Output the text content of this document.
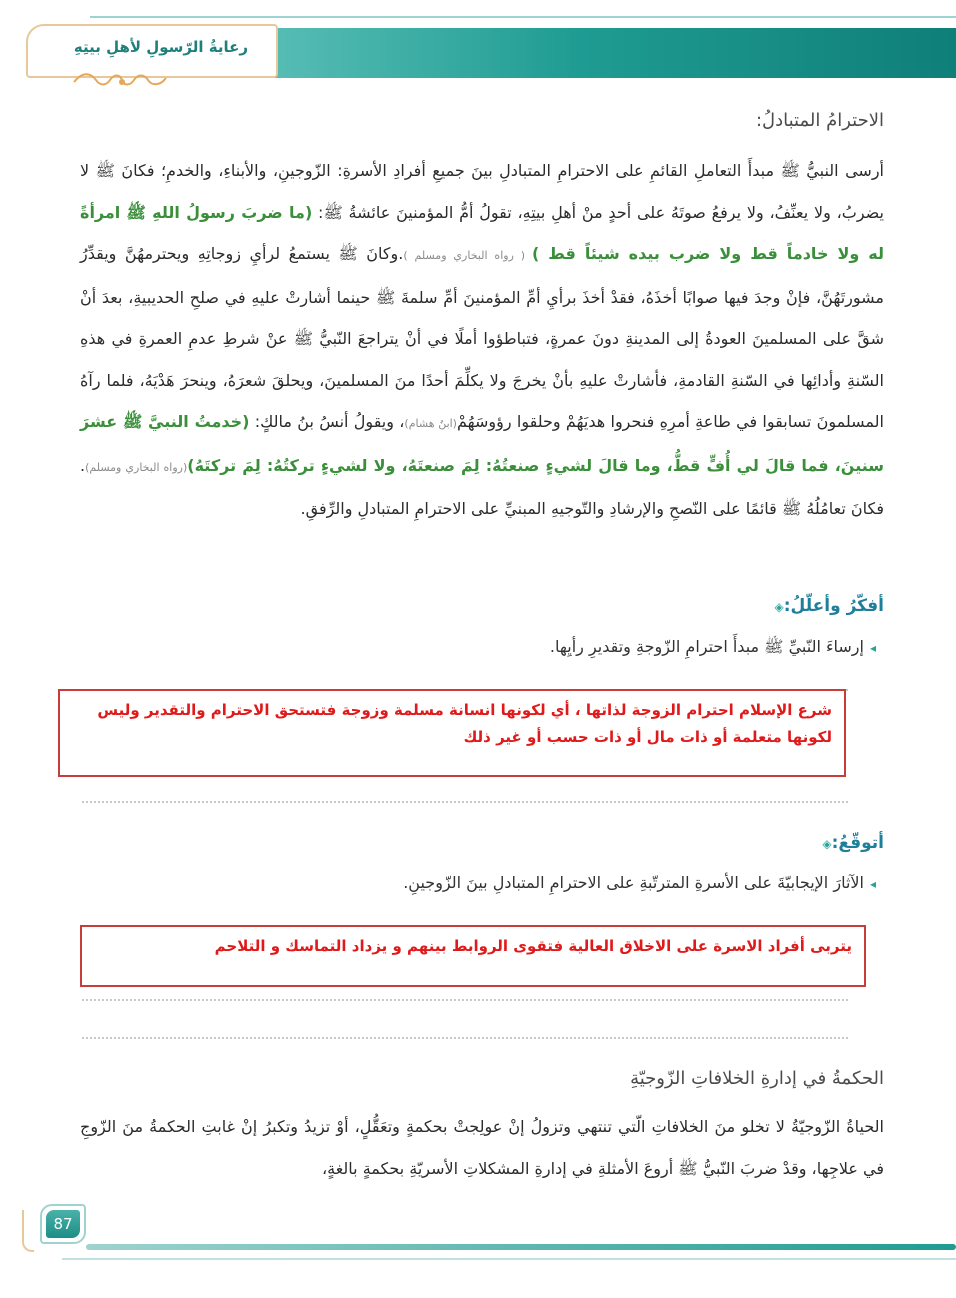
رعايةُ الرّسولِ لأهلِ بيتِهِ
الاحترامُ المتبادلُ:
أرسى النبيُّ ﷺ مبدأَ التعاملِ القائمِ على الاحترامِ المتبادلِ بينَ جميعِ أفرادِ الأسرةِ: الزّوجينِ، والأبناءِ، والخدمِ؛ فكانَ ﷺ لا يضربُ، ولا يعنِّفُ، ولا يرفعُ صوتَهُ على أحدٍ منْ أهلِ بيتِهِ، تقولُ أمُّ المؤمنينَ عائشةُ ﷺ: (ما ضربَ رسولُ اللهِ ﷺ امرأةً له ولا خادماً قط ولا ضرب بيده شيئاً قط ) ( رواه البخاري ومسلم ).وكانَ ﷺ يستمعُ لرأيِ زوجاتِهِ ويحترمهُنَّ ويقدِّرُ مشورتَهُنَّ، فإنْ وجدَ فيها صوابًا أخذَهُ، فقدْ أخذَ برأيِ أمِّ المؤمنينَ أمِّ سلمةَ ﷺ حينما أشارتْ عليهِ في صلحِ الحديبيةِ، بعدَ أنْ شقَّ على المسلمينَ العودةُ إلى المدينةِ دونَ عمرةٍ، فتباطؤوا أملًا في أنْ يتراجعَ النّبيُّ ﷺ عنْ شرطِ عدمِ العمرةِ في هذهِ السّنةِ وأدائِها في السّنةِ القادمةِ، فأشارتْ عليهِ بأنْ يخرجَ ولا يكلِّمَ أحدًا منَ المسلمينَ، ويحلقَ شعرَهُ، وينحرَ هَدْيَهُ، فلما رآهُ المسلمونَ تسابقوا في طاعةِ أمرِهِ فنحروا هديَهُمْ وحلقوا رؤوسَهُمْ(ابنُ هشام)، ويقولُ أنسُ بنُ مالكٍ: (خدمتُ النبيَّ ﷺ عشرَ سنينَ، فما قالَ لي أُفٍّ قطُّ، وما قالَ لشيءٍ صنعتُهُ: لِمَ صنعتَهُ، ولا لشيءٍ تركتُهُ: لِمَ تركتَهُ)(رواه البخاري ومسلم). فكانَ تعامُلُهُ ﷺ قائمًا على النّصحِ والإرشادِ والتّوجيهِ المبنيِّ على الاحترامِ المتبادلِ والرِّفقِ.
أفكّرُ وأعلّلُ:◈
◂إرساءَ النّبيِّ ﷺ مبدأَ احترامِ الزّوجةِ وتقديرِ رأيِها.
شرع الإسلام احترام الزوجة لذاتها ، أي لكونها انسانة مسلمة وزوجة فتستحق الاحترام والتقدير وليس لكونها متعلمة أو ذات مال أو ذات حسب أو غير ذلك
أتوقّعُ:◈
◂الآثارَ الإيجابيّةَ على الأسرةِ المترتّبةِ على الاحترامِ المتبادلِ بينَ الزّوجينِ.
يتربى أفراد الاسرة على الاخلاق العالية فتقوى الروابط بينهم و يزداد التماسك و التلاحم
الحكمةُ في إدارةِ الخلافاتِ الزّوجيّةِ
الحياةُ الزّوجيّةُ لا تخلو منَ الخلافاتِ الّتي تنتهي وتزولُ إنْ عولِجتْ بحكمةٍ وتعَقُّلٍ، أوْ تزيدُ وتكبرُ إنْ غابتِ الحكمةُ منَ الزّوجِ في علاجِها، وقدْ ضربَ النّبيُّ ﷺ أروعَ الأمثلةِ في إدارةِ المشكلاتِ الأسريّةِ بحكمةٍ بالغةٍ،
87
